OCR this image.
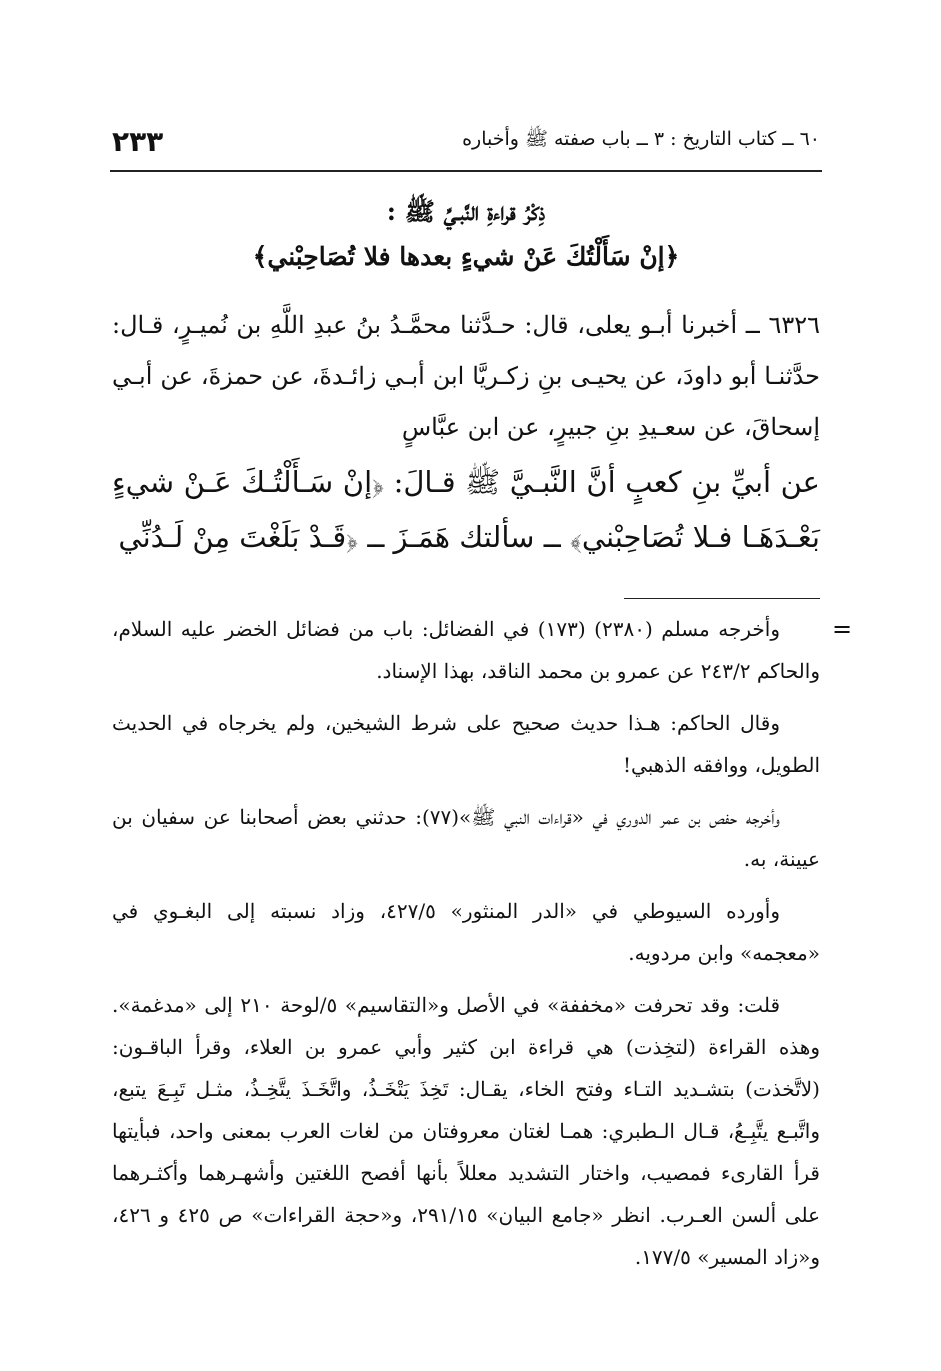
٢٣٣	٦٠ ــ كتاب التاريخ : ٣ ــ باب صفته ﷺ وأخباره
ذِكْرُ قراءةِ النَّبـيِّ ﷺ :
﴿إنْ سَأَلْتُكَ عَنْ شيءٍ بعدها فلا تُصَاحِبْني﴾
٦٣٢٦ ــ أخبرنا أبـو يعلى، قال: حـدَّثنا محمَّـدُ بنُ عبدِ اللَّهِ بن نُميـرٍ، قـال: حدَّثنـا أبو داودَ، عن يحيـى بنِ زكـريَّا ابن أبـي زائـدةَ، عن حمزةَ، عن أبـي إسحاقَ، عن سعـيدِ بنِ جبيرٍ، عن ابن عبَّاسٍ
عن أبيِّ بنِ كعبٍ أنَّ النَّبـيَّ ﷺ قـالَ: ﴿إنْ سَـأَلْتُـكَ عَـنْ شيءٍ بَعْـدَهَـا فـلا تُصَاحِبْني﴾ ــ سألتك هَمَـزَ ــ ﴿قَـدْ بَلَغْتَ مِنْ لَـدُنِّي
=

وأخرجه مسلم (٢٣٨٠) (١٧٣) في الفضائل: باب من فضائل الخضر عليه السلام، والحاكم ٢٤٣/٢ عن عمرو بن محمد الناقد، بهذا الإسناد.

وقال الحاكم: هـذا حديث صحيح على شرط الشيخين، ولم يخرجاه في الحديث الطويل، ووافقه الذهبي!

وأخرجه حفص بن عمر الدوري في «قراءات النبي ﷺ»(٧٧): حدثني بعض أصحابنا عن سفيان بن عيينة، به.

وأورده السيوطي في «الدر المنثور» ٤٢٧/٥، وزاد نسبته إلى البغـوي في «معجمه» وابن مردويه.

قلت: وقد تحرفت «مخففة» في الأصل و«التقاسيم» ٥/لوحة ٢١٠ إلى «مدغمة». وهذه القراءة (لتخِذت) هي قراءة ابن كثير وأبي عمرو بن العلاء، وقرأ الباقـون: (لاتَّخذت) بتشـديد التـاء وفتح الخاء، يقـال: تَخِذَ يَتْخَـذُ، واتَّخَـذَ يتَّخِـذُ، مثـل تَبِـعَ يتبع، واتَّبـع يتَّبِـعُ، قـال الـطبري: همـا لغتان معروفتان من لغات العرب بمعنى واحد، فبأيتها قرأ القارىء فمصيب، واختار التشديد معللاً بأنها أفصح اللغتين وأشهـرهما وأكثـرهما على ألسن العـرب. انظر «جامع البيان» ٢٩١/١٥، و«حجة القراءات» ص ٤٢٥ و ٤٢٦، و«زاد المسير» ١٧٧/٥.
